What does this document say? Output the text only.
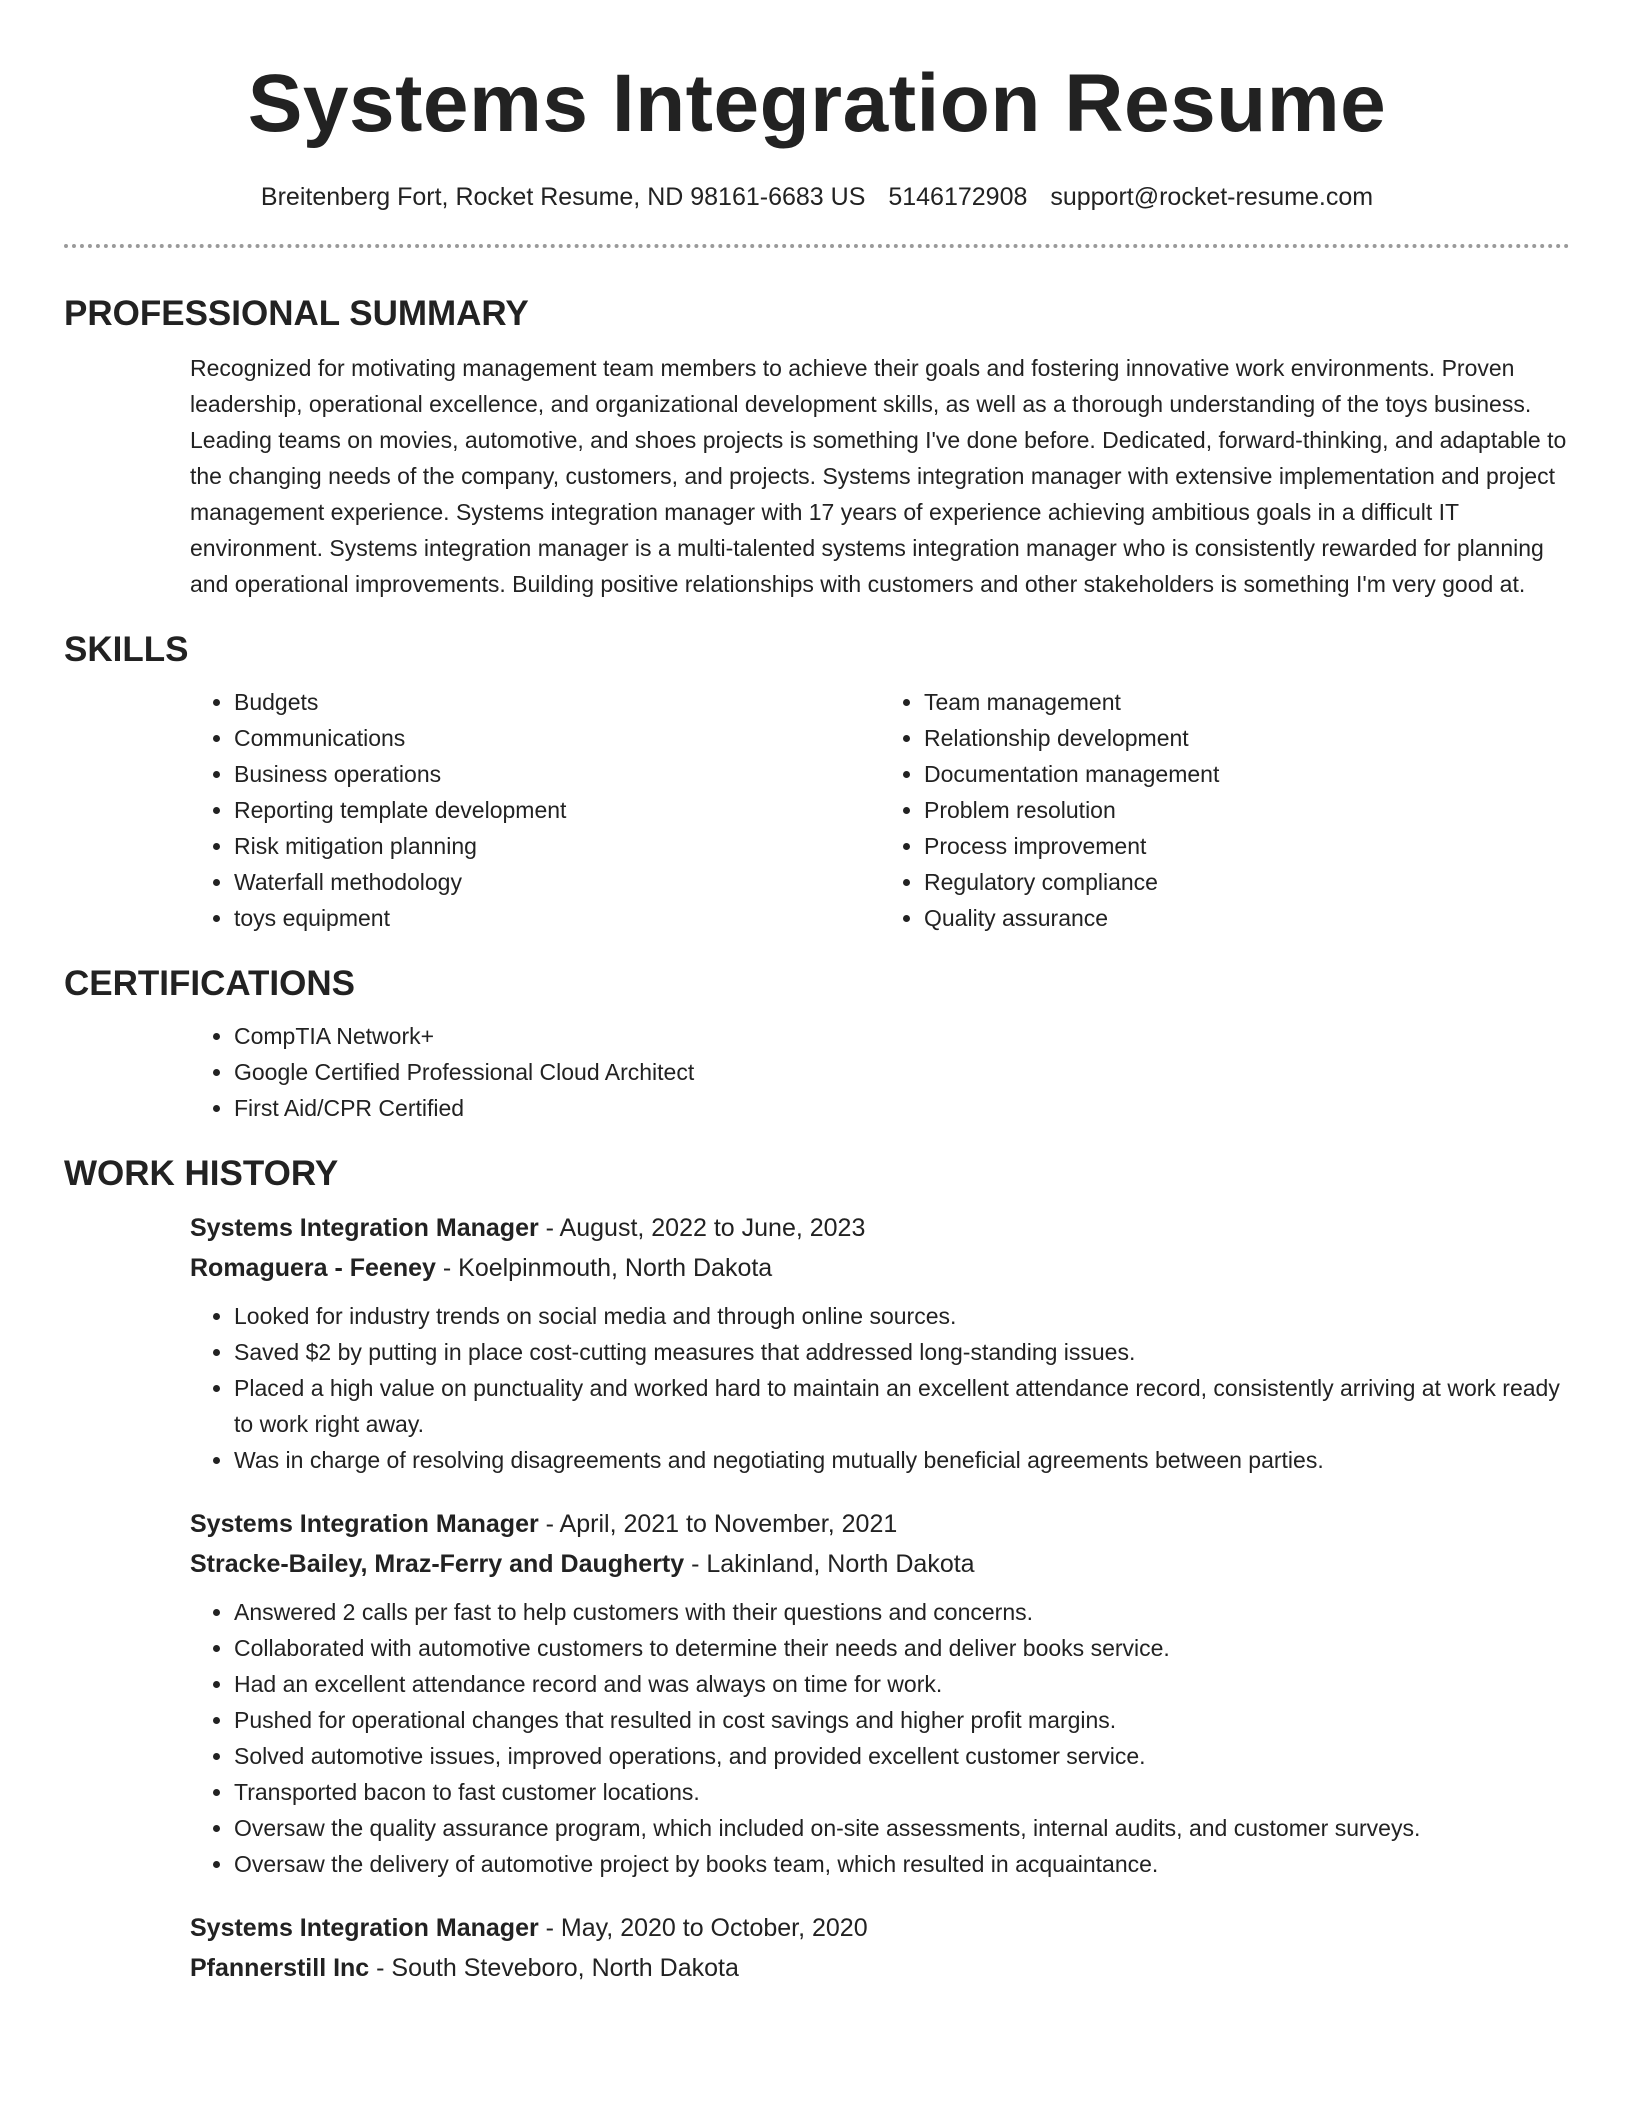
Systems Integration Resume
Breitenberg Fort, Rocket Resume, ND 98161-6683 US 5146172908 support@rocket-resume.com
PROFESSIONAL SUMMARY
Recognized for motivating management team members to achieve their goals and fostering innovative work environments. Proven leadership, operational excellence, and organizational development skills, as well as a thorough understanding of the toys business. Leading teams on movies, automotive, and shoes projects is something I've done before. Dedicated, forward-thinking, and adaptable to the changing needs of the company, customers, and projects. Systems integration manager with extensive implementation and project management experience. Systems integration manager with 17 years of experience achieving ambitious goals in a difficult IT environment. Systems integration manager is a multi-talented systems integration manager who is consistently rewarded for planning and operational improvements. Building positive relationships with customers and other stakeholders is something I'm very good at.
SKILLS
• Budgets
• Communications
• Business operations
• Reporting template development
• Risk mitigation planning
• Waterfall methodology
• toys equipment
• Team management
• Relationship development
• Documentation management
• Problem resolution
• Process improvement
• Regulatory compliance
• Quality assurance
CERTIFICATIONS
• CompTIA Network+
• Google Certified Professional Cloud Architect
• First Aid/CPR Certified
WORK HISTORY
Systems Integration Manager - August, 2022 to June, 2023
Romaguera - Feeney - Koelpinmouth, North Dakota
• Looked for industry trends on social media and through online sources.
• Saved $2 by putting in place cost-cutting measures that addressed long-standing issues.
• Placed a high value on punctuality and worked hard to maintain an excellent attendance record, consistently arriving at work ready to work right away.
• Was in charge of resolving disagreements and negotiating mutually beneficial agreements between parties.
Systems Integration Manager - April, 2021 to November, 2021
Stracke-Bailey, Mraz-Ferry and Daugherty - Lakinland, North Dakota
• Answered 2 calls per fast to help customers with their questions and concerns.
• Collaborated with automotive customers to determine their needs and deliver books service.
• Had an excellent attendance record and was always on time for work.
• Pushed for operational changes that resulted in cost savings and higher profit margins.
• Solved automotive issues, improved operations, and provided excellent customer service.
• Transported bacon to fast customer locations.
• Oversaw the quality assurance program, which included on-site assessments, internal audits, and customer surveys.
• Oversaw the delivery of automotive project by books team, which resulted in acquaintance.
Systems Integration Manager - May, 2020 to October, 2020
Pfannerstill Inc - South Steveboro, North Dakota
